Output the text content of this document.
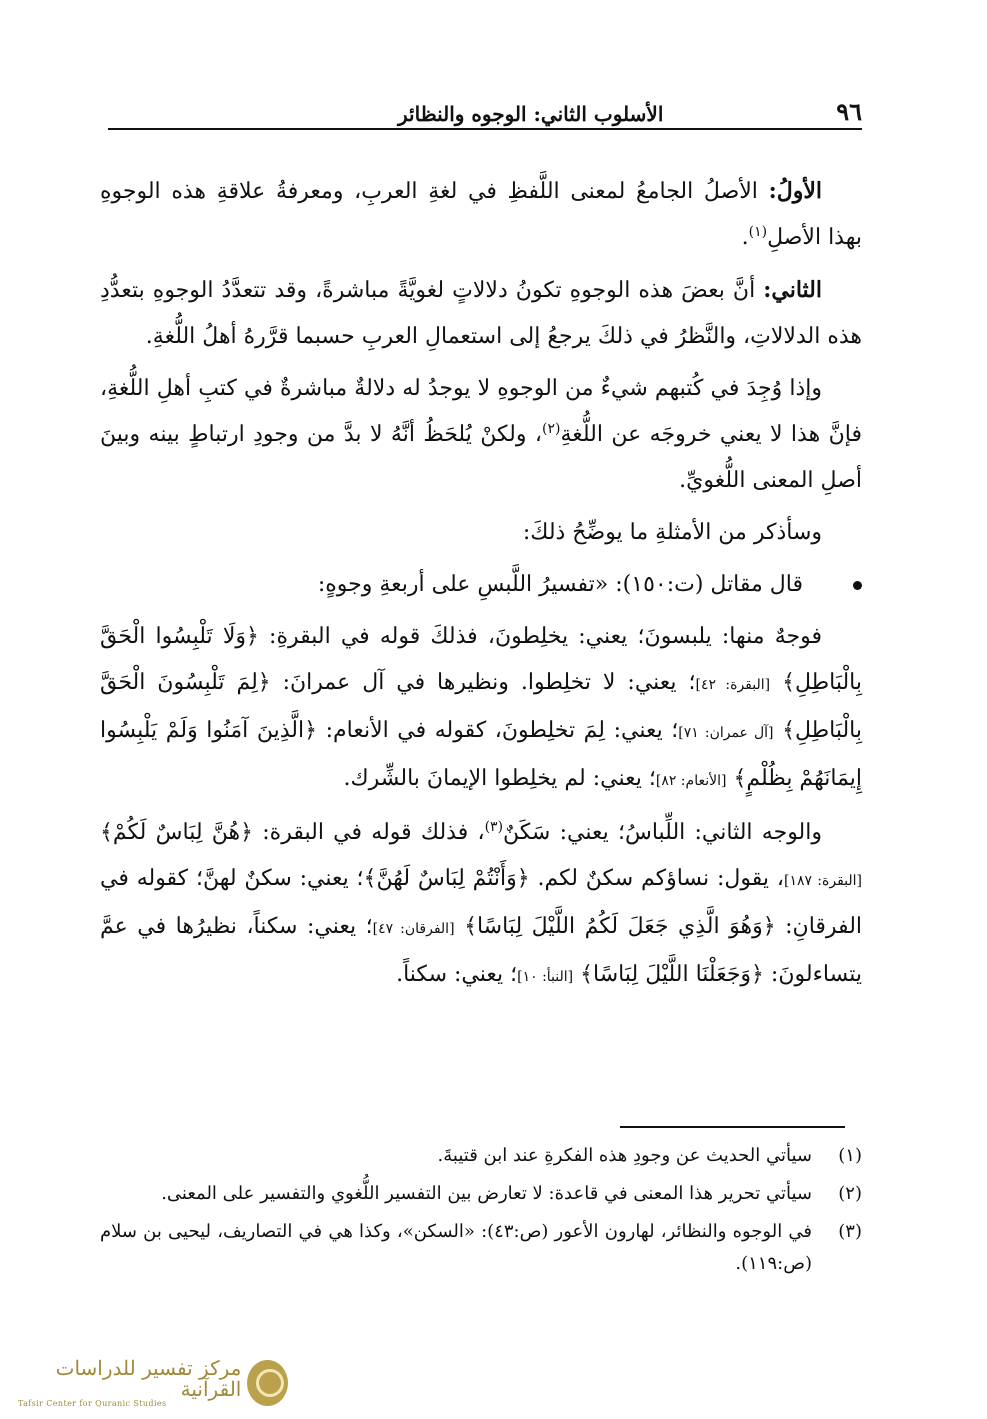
٩٦
الأسلوب الثاني: الوجوه والنظائر

الأولُ: الأصلُ الجامعُ لمعنى اللَّفظِ في لغةِ العربِ، ومعرفةُ علاقةِ هذه الوجوهِ بهذا الأصلِ$^{(١)}$.

الثاني: أنَّ بعضَ هذه الوجوهِ تكونُ دلالاتٍ لغويَّةً مباشرةً، وقد تتعدَّدُ الوجوهِ بتعدُّدِ هذه الدلالاتِ، والنَّظرُ في ذلكَ يرجعُ إلى استعمالِ العربِ حسبما قرَّرهُ أهلُ اللُّغةِ.

وإذا وُجِدَ في كُتبهم شيءٌ من الوجوهِ لا يوجدُ له دلالةٌ مباشرةٌ في كتبِ أهلِ اللُّغةِ، فإنَّ هذا لا يعني خروجَه عن اللُّغةِ$^{(٢)}$، ولكنْ يُلحَظُ أنَّهُ لا بدَّ من وجودِ ارتباطٍ بينه وبينَ أصلِ المعنى اللُّغويِّ.

وسأذكر من الأمثلةِ ما يوضِّحُ ذلكَ:

قال مقاتل (ت:١٥٠): «تفسيرُ اللَّبسِ على أربعةِ وجوهٍ:

فوجهٌ منها: يلبسونَ؛ يعني: يخلِطونَ، فذلكَ قوله في البقرةِ: ﴿وَلَا تَلْبِسُوا الْحَقَّ بِالْبَاطِلِ﴾ [البقرة: ٤٢]؛ يعني: لا تخلِطوا. ونظيرها في آل عمرانَ: ﴿لِمَ تَلْبِسُونَ الْحَقَّ بِالْبَاطِلِ﴾ [آل عمران: ٧١]؛ يعني: لِمَ تخلِطونَ، كقوله في الأنعام: ﴿الَّذِينَ آمَنُوا وَلَمْ يَلْبِسُوا إِيمَانَهُمْ بِظُلْمٍ﴾ [الأنعام: ٨٢]؛ يعني: لم يخلِطوا الإيمانَ بالشِّرك.

والوجه الثاني: اللِّباسُ؛ يعني: سَكَنٌ$^{(٣)}$، فذلك قوله في البقرة: ﴿هُنَّ لِبَاسٌ لَكُمْ﴾ [البقرة: ١٨٧]، يقول: نساؤكم سكنٌ لكم. ﴿وَأَنْتُمْ لِبَاسٌ لَهُنَّ﴾؛ يعني: سكنٌ لهنَّ؛ كقوله في الفرقانِ: ﴿وَهُوَ الَّذِي جَعَلَ لَكُمُ اللَّيْلَ لِبَاسًا﴾ [الفرقان: ٤٧]؛ يعني: سكناً، نظيرُها في عمَّ يتساءلونَ: ﴿وَجَعَلْنَا اللَّيْلَ لِبَاسًا﴾ [النبأ: ١٠]؛ يعني: سكناً.

(١)
سيأتي الحديث عن وجودِ هذه الفكرةِ عند ابن قتيبةَ.
(٢)
سيأتي تحرير هذا المعنى في قاعدة: لا تعارض بين التفسير اللُّغوي والتفسير على المعنى.
(٣)
في الوجوه والنظائر، لهارون الأعور (ص:٤٣): «السكن»، وكذا هي في التصاريف، ليحيى بن سلام (ص:١١٩).
مركز تفسير للدراسات القرآنية
Tafsir Center for Quranic Studies
